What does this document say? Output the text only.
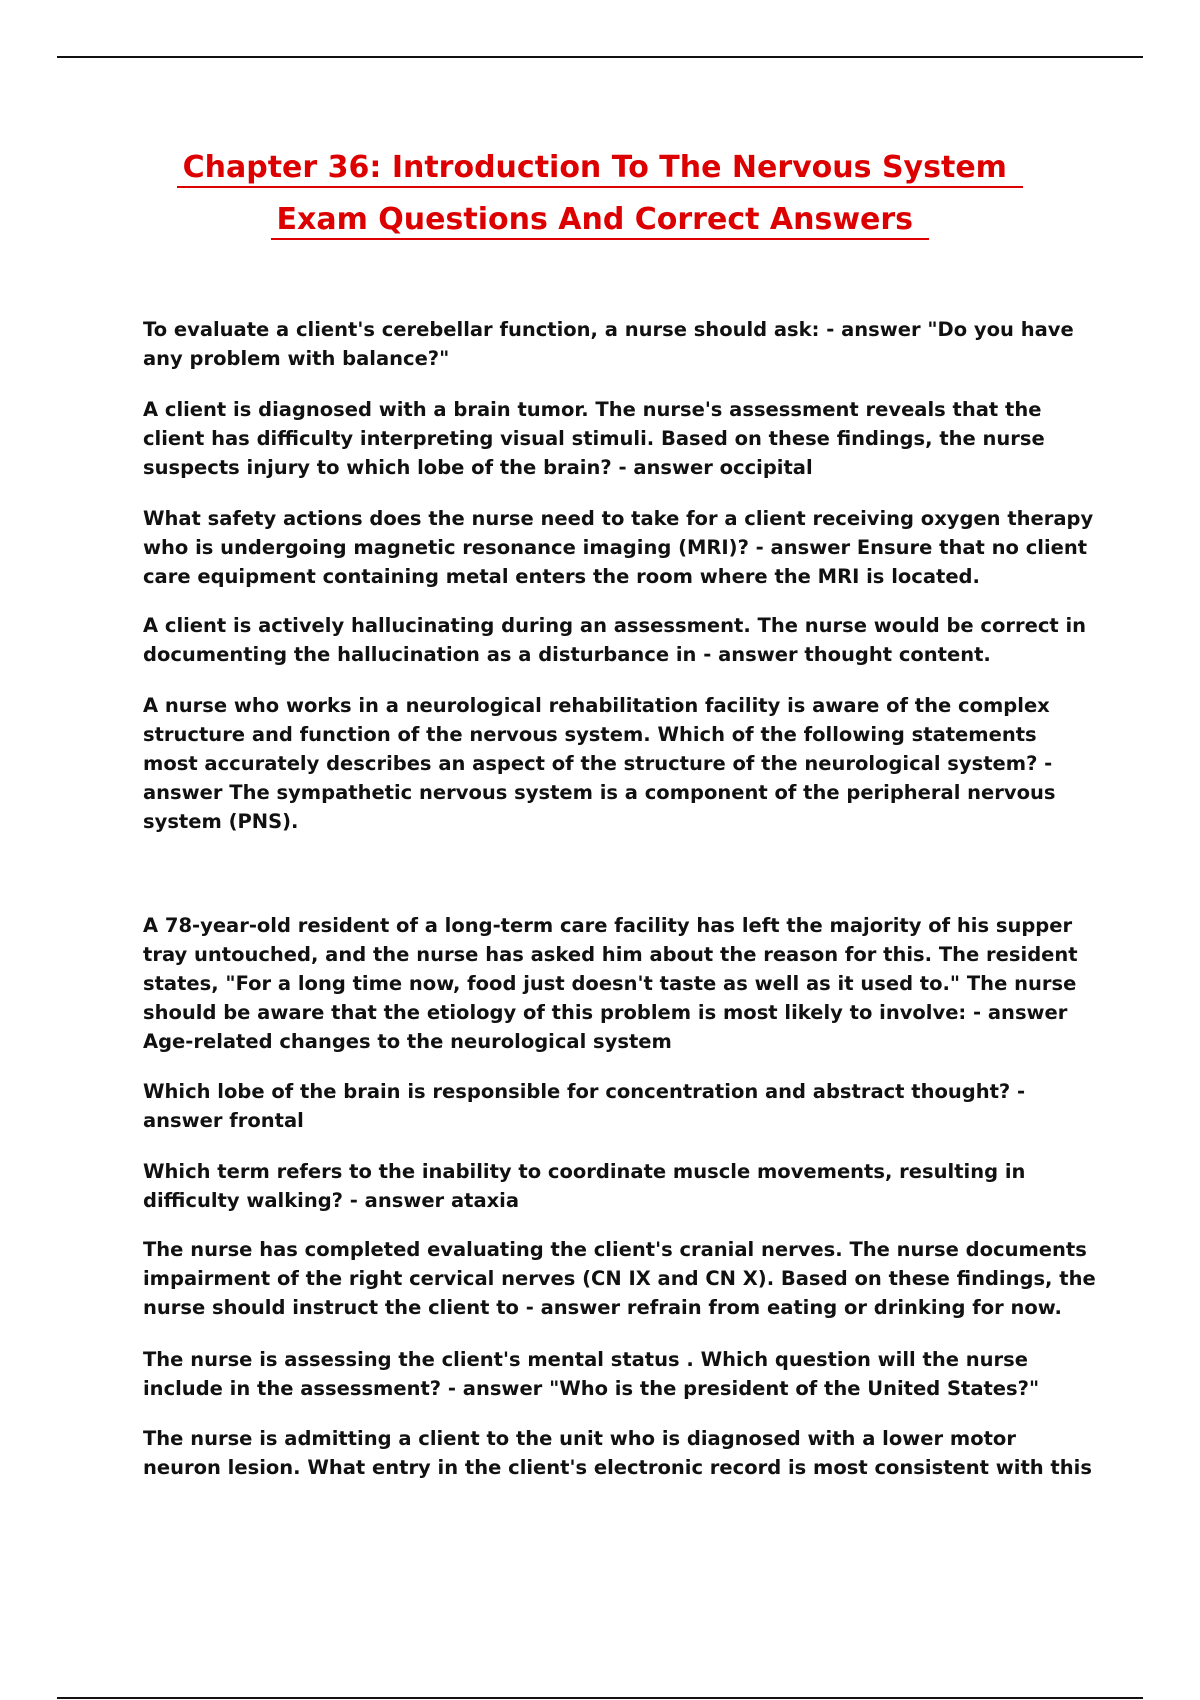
Chapter 36: Introduction To The Nervous System
Exam Questions And Correct Answers

To evaluate a client's cerebellar function, a nurse should ask: - answer "Do you have any problem with balance?"

A client is diagnosed with a brain tumor. The nurse's assessment reveals that the client has difficulty interpreting visual stimuli. Based on these findings, the nurse suspects injury to which lobe of the brain? - answer occipital

What safety actions does the nurse need to take for a client receiving oxygen therapy who is undergoing magnetic resonance imaging (MRI)? - answer Ensure that no client care equipment containing metal enters the room where the MRI is located.

A client is actively hallucinating during an assessment. The nurse would be correct in documenting the hallucination as a disturbance in - answer thought content.

A nurse who works in a neurological rehabilitation facility is aware of the complex structure and function of the nervous system. Which of the following statements most accurately describes an aspect of the structure of the neurological system? - answer The sympathetic nervous system is a component of the peripheral nervous system (PNS).

A 78-year-old resident of a long-term care facility has left the majority of his supper tray untouched, and the nurse has asked him about the reason for this. The resident states, "For a long time now, food just doesn't taste as well as it used to." The nurse should be aware that the etiology of this problem is most likely to involve: - answer Age-related changes to the neurological system

Which lobe of the brain is responsible for concentration and abstract thought? - answer frontal

Which term refers to the inability to coordinate muscle movements, resulting in difficulty walking? - answer ataxia

The nurse has completed evaluating the client's cranial nerves. The nurse documents impairment of the right cervical nerves (CN IX and CN X). Based on these findings, the nurse should instruct the client to - answer refrain from eating or drinking for now.

The nurse is assessing the client's mental status . Which question will the nurse include in the assessment? - answer "Who is the president of the United States?"

The nurse is admitting a client to the unit who is diagnosed with a lower motor neuron lesion. What entry in the client's electronic record is most consistent with this
